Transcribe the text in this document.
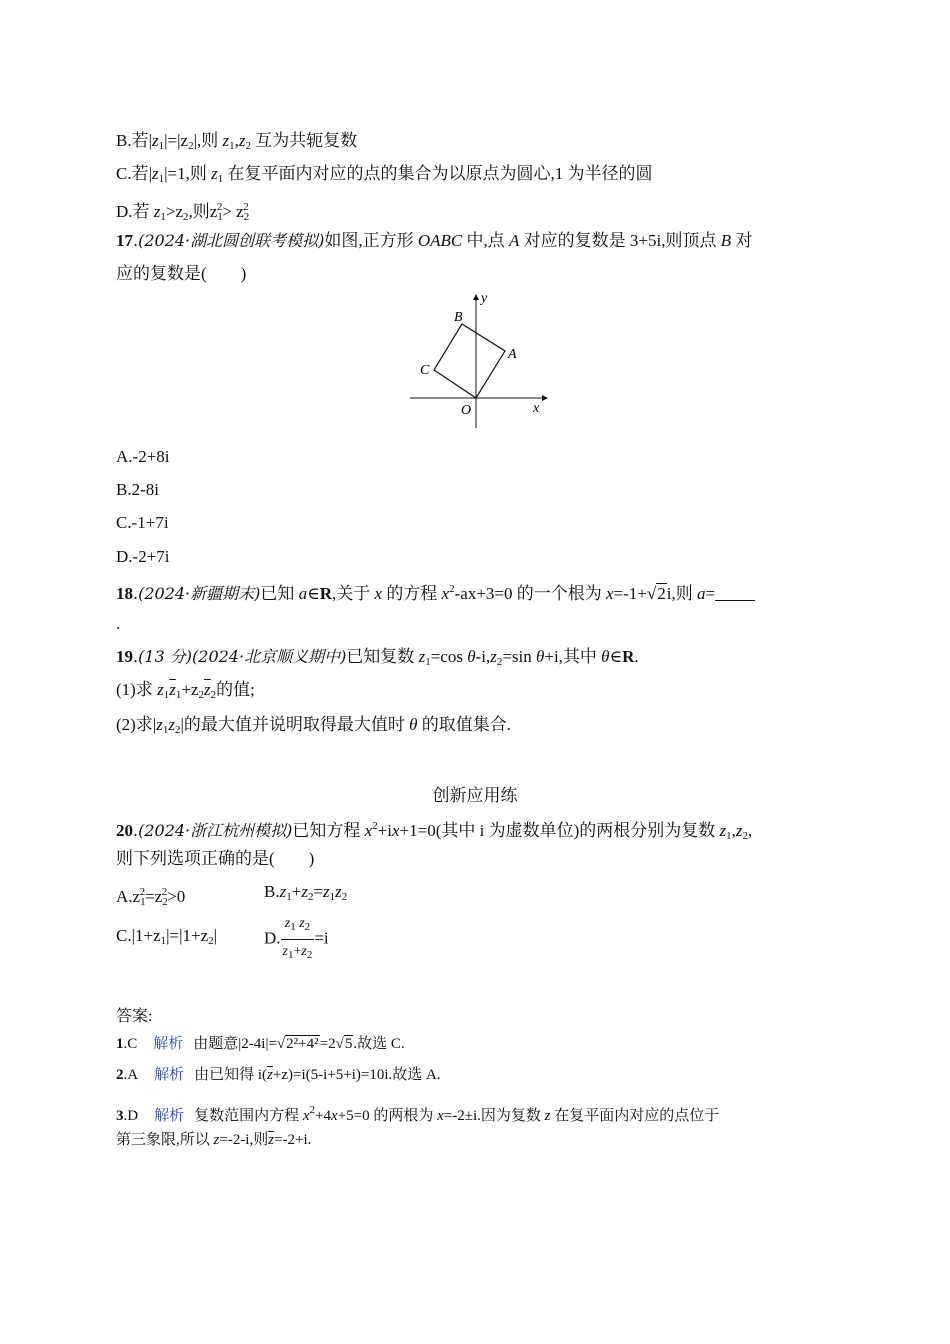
B.若$|z_1|=|z_2|$,则 $z_1,z_2$ 互为共轭复数
C.若$|z_1|=1$,则 $z_1$ 在复平面内对应的点的集合为以原点为圆心,1 为半径的圆
D.若 $z_1>z_2$,则$z_1^2> z_2^2$
17.(2024·湖北圆创联考模拟)如图,正方形 OABC 中,点 A 对应的复数是 3+5i,则顶点 B 对
应的复数是(　　)
y
B
A
C
O	x
A.-2+8i
B.2-8i
C.-1+7i
D.-2+7i
18.(2024·新疆期末)已知 a∈R,关于 x 的方程 $x^2-ax+3=0$ 的一个根为 x=-1+√2i,则 a=
.
19.(13 分)(2024·北京顺义期中)已知复数 $z_1=\cos$ $\theta-i,z_2=\sin$ θ+i,其中 θ∈R.
(1)求 $z_1\overline{z}_1+z_2\overline{z}_2$的值;
(2)求$|z_1z_2|$的最大值并说明取得最大值时 θ 的取值集合.
创新应用练
20.(2024·浙江杭州模拟)已知方程 $x^2+ix+1=0$(其中 i 为虚数单位)的两根分别为复数 $z_1,z_2$,
则下列选项正确的是(　　)
$A.z_1^2=z_2^2>0$	$B.z_1+z_2=z_1z_2$
$C.|1+z_1|=|1+z_2|$	D. $\frac{z_1 z_2}{z_1+z_2} =i$
答案:
1.C 解析 由题意|2-4i|=√2²+4²=2√5.故选 C.
2.A 解析 由已知得 $i(\overline{z}+z)=i(5-i+5+i)=10i$.故选 A.
3.D 解析 复数范围内方程 $x^2+4x+5=0$ 的两根为 x=-2±i.因为复数 z 在复平面内对应的点位于
第三象限,所以 z=-2-i,则$\overline{z}=-2+i$.
